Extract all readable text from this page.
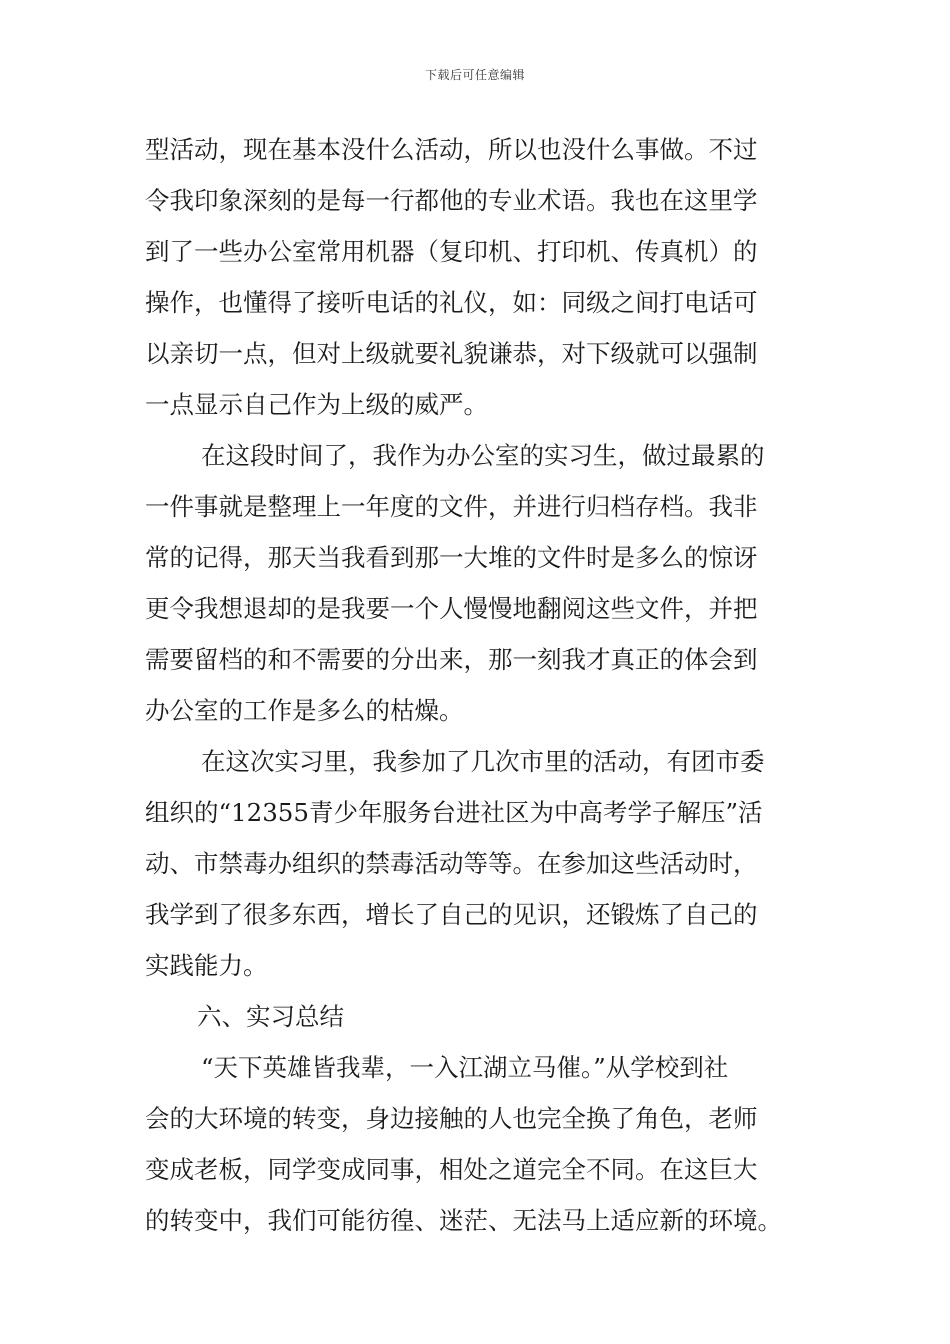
下载后可任意编辑
型活动，现在基本没什么活动，所以也没什么事做。不过
令我印象深刻的是每一行都他的专业术语。我也在这里学
到了一些办公室常用机器（复印机、打印机、传真机）的
操作，也懂得了接听电话的礼仪，如：同级之间打电话可
以亲切一点，但对上级就要礼貌谦恭，对下级就可以强制
一点显示自己作为上级的威严。
在这段时间了，我作为办公室的实习生，做过最累的
一件事就是整理上一年度的文件，并进行归档存档。我非
常的记得，那天当我看到那一大堆的文件时是多么的惊讶
更令我想退却的是我要一个人慢慢地翻阅这些文件，并把
需要留档的和不需要的分出来，那一刻我才真正的体会到
办公室的工作是多么的枯燥。
在这次实习里，我参加了几次市里的活动，有团市委
组织的“12355青少年服务台进社区为中高考学子解压”活
动、市禁毒办组织的禁毒活动等等。在参加这些活动时，
我学到了很多东西，增长了自己的见识，还锻炼了自己的
实践能力。
六、实习总结
“天下英雄皆我辈，一入江湖立马催。”从学校到社
会的大环境的转变，身边接触的人也完全换了角色，老师
变成老板，同学变成同事，相处之道完全不同。在这巨大
的转变中，我们可能彷徨、迷茫、无法马上适应新的环境。
